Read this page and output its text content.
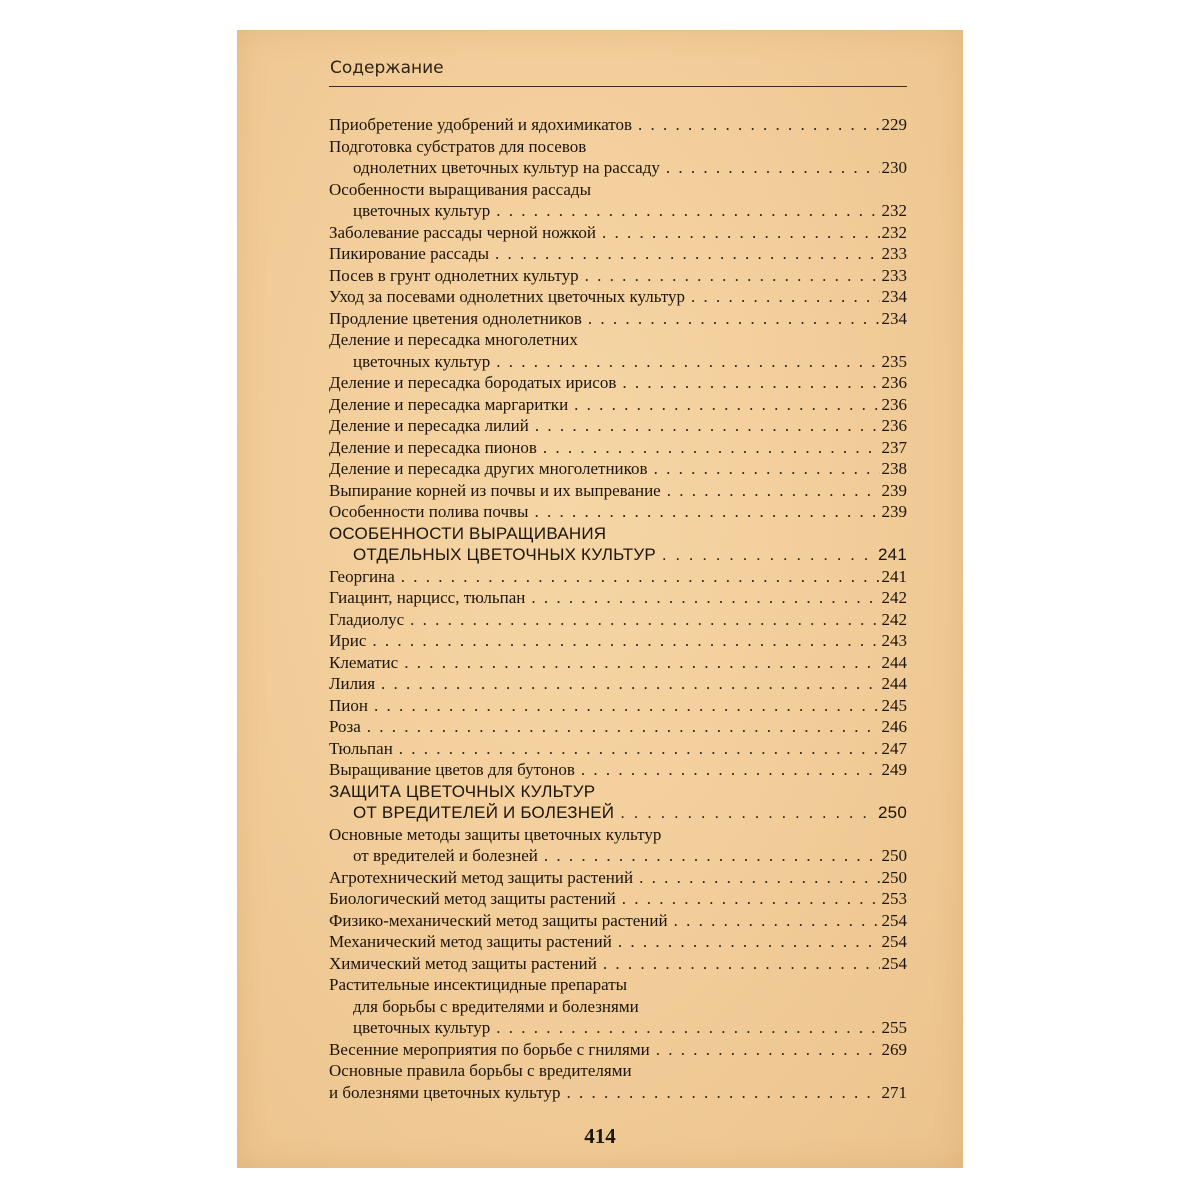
Содержание
Приобретение удобрений и ядохимикатов . . .	229
Подготовка субстратов для посевов
однолетних цветочных культур на рассаду . . .	230
Особенности выращивания рассады
цветочных культур . . .	232
Заболевание рассады черной ножкой . . .	232
Пикирование рассады . . .	233
Посев в грунт однолетних культур . . .	233
Уход за посевами однолетних цветочных культур . . .	234
Продление цветения однолетников . . .	234
Деление и пересадка многолетних
цветочных культур . . .	235
Деление и пересадка бородатых ирисов . . .	236
Деление и пересадка маргаритки . . .	236
Деление и пересадка лилий . . .	236
Деление и пересадка пионов . . .	237
Деление и пересадка других многолетников . . .	238
Выпирание корней из почвы и их выпревание . . .	239
Особенности полива почвы . . .	239
ОСОБЕННОСТИ ВЫРАЩИВАНИЯ
ОТДЕЛЬНЫХ ЦВЕТОЧНЫХ КУЛЬТУР . . .	241
Георгина . . .	241
Гиацинт, нарцисс, тюльпан . . .	242
Гладиолус . . .	242
Ирис . . .	243
Клематис . . .	244
Лилия . . .	244
Пион . . .	245
Роза . . .	246
Тюльпан . . .	247
Выращивание цветов для бутонов . . .	249
ЗАЩИТА ЦВЕТОЧНЫХ КУЛЬТУР
ОТ ВРЕДИТЕЛЕЙ И БОЛЕЗНЕЙ . . .	250
Основные методы защиты цветочных культур
от вредителей и болезней . . .	250
Агротехнический метод защиты растений . . .	250
Биологический метод защиты растений . . .	253
Физико-механический метод защиты растений . . .	254
Механический метод защиты растений . . .	254
Химический метод защиты растений . . .	254
Растительные инсектицидные препараты
для борьбы с вредителями и болезнями
цветочных культур . . .	255
Весенние мероприятия по борьбе с гнилями . . .	269
Основные правила борьбы с вредителями
и болезнями цветочных культур . . .	271
414
